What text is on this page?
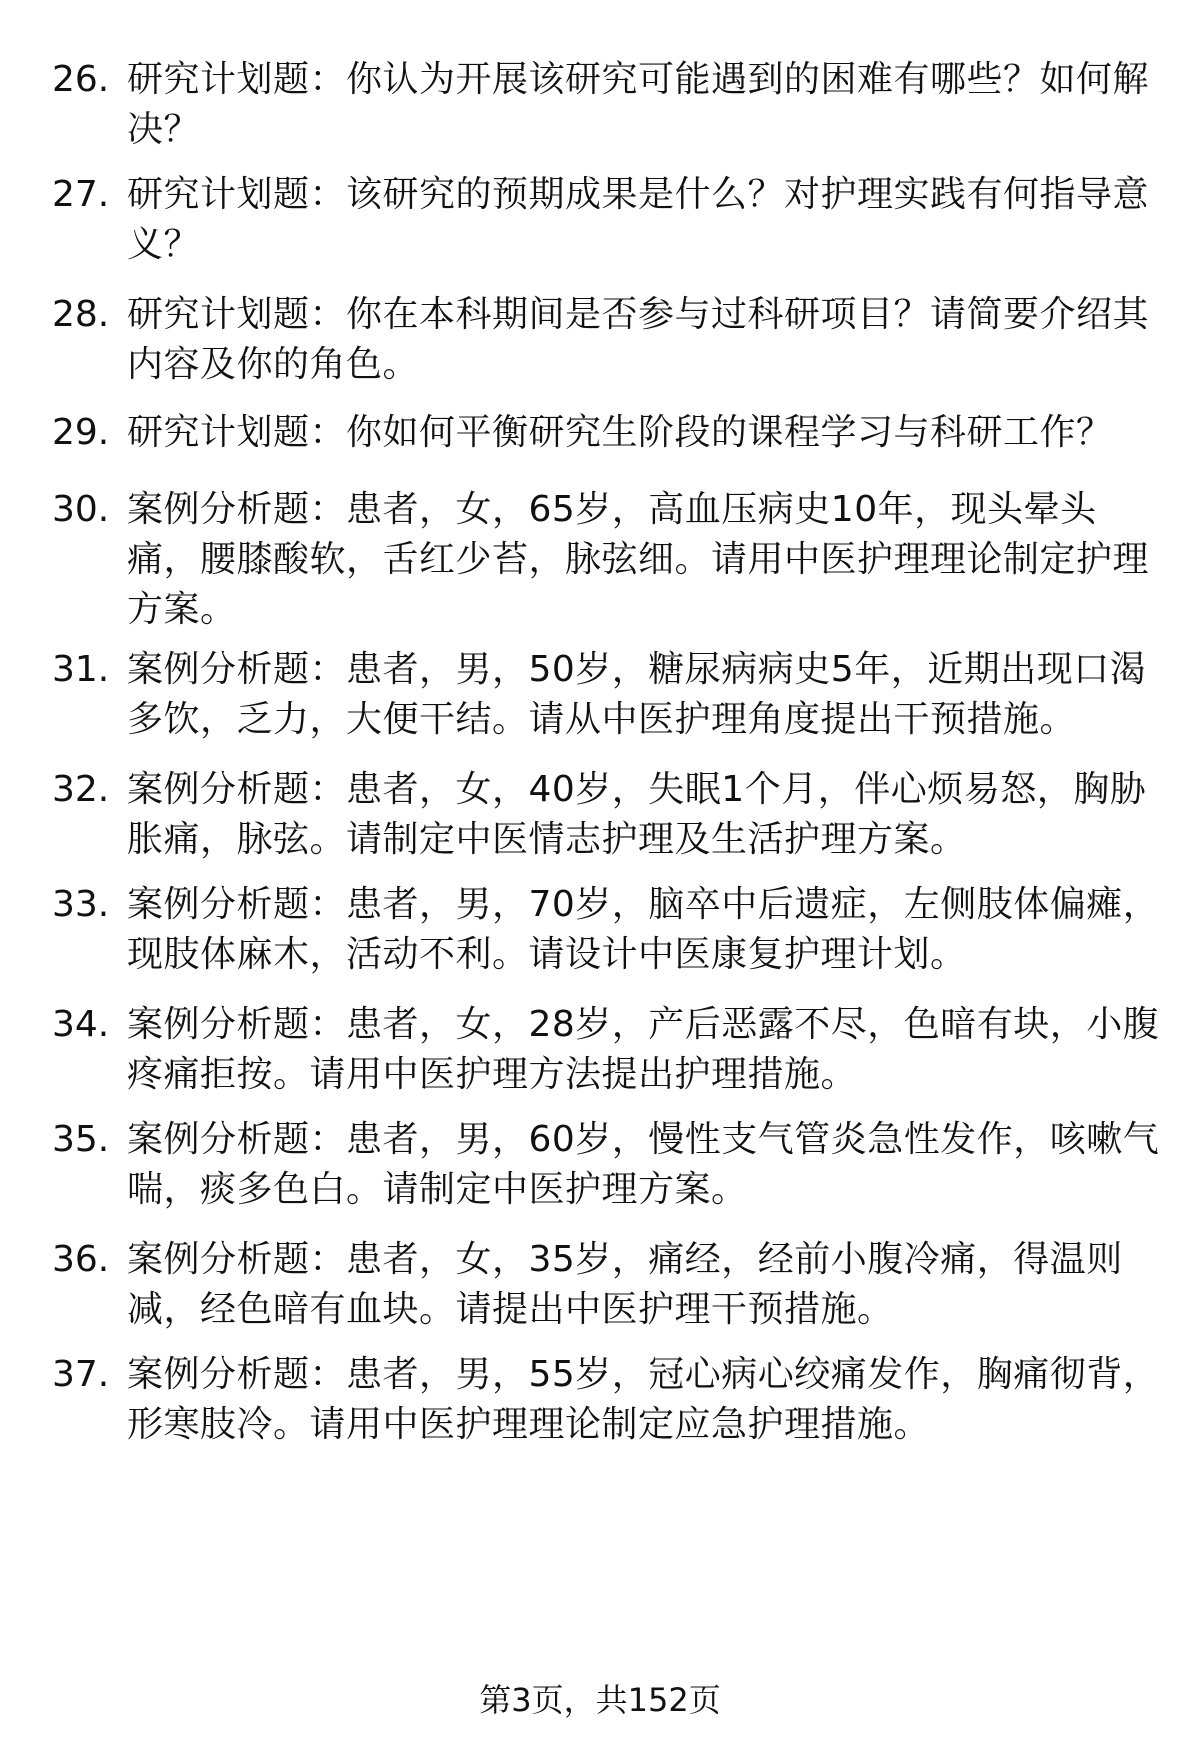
26. 研究计划题：你认为开展该研究可能遇到的困难有哪些？如何解决？
27. 研究计划题：该研究的预期成果是什么？对护理实践有何指导意义？
28. 研究计划题：你在本科期间是否参与过科研项目？请简要介绍其内容及你的角色。
29. 研究计划题：你如何平衡研究生阶段的课程学习与科研工作？
30. 案例分析题：患者，女，65岁，高血压病史10年，现头晕头痛，腰膝酸软，舌红少苔，脉弦细。请用中医护理理论制定护理方案。
31. 案例分析题：患者，男，50岁，糖尿病病史5年，近期出现口渴多饮，乏力，大便干结。请从中医护理角度提出干预措施。
32. 案例分析题：患者，女，40岁，失眠1个月，伴心烦易怒，胸胁胀痛，脉弦。请制定中医情志护理及生活护理方案。
33. 案例分析题：患者，男，70岁，脑卒中后遗症，左侧肢体偏瘫，现肢体麻木，活动不利。请设计中医康复护理计划。
34. 案例分析题：患者，女，28岁，产后恶露不尽，色暗有块，小腹疼痛拒按。请用中医护理方法提出护理措施。
35. 案例分析题：患者，男，60岁，慢性支气管炎急性发作，咳嗽气喘，痰多色白。请制定中医护理方案。
36. 案例分析题：患者，女，35岁，痛经，经前小腹冷痛，得温则减，经色暗有血块。请提出中医护理干预措施。
37. 案例分析题：患者，男，55岁，冠心病心绞痛发作，胸痛彻背，形寒肢冷。请用中医护理理论制定应急护理措施。
第3页，共152页
